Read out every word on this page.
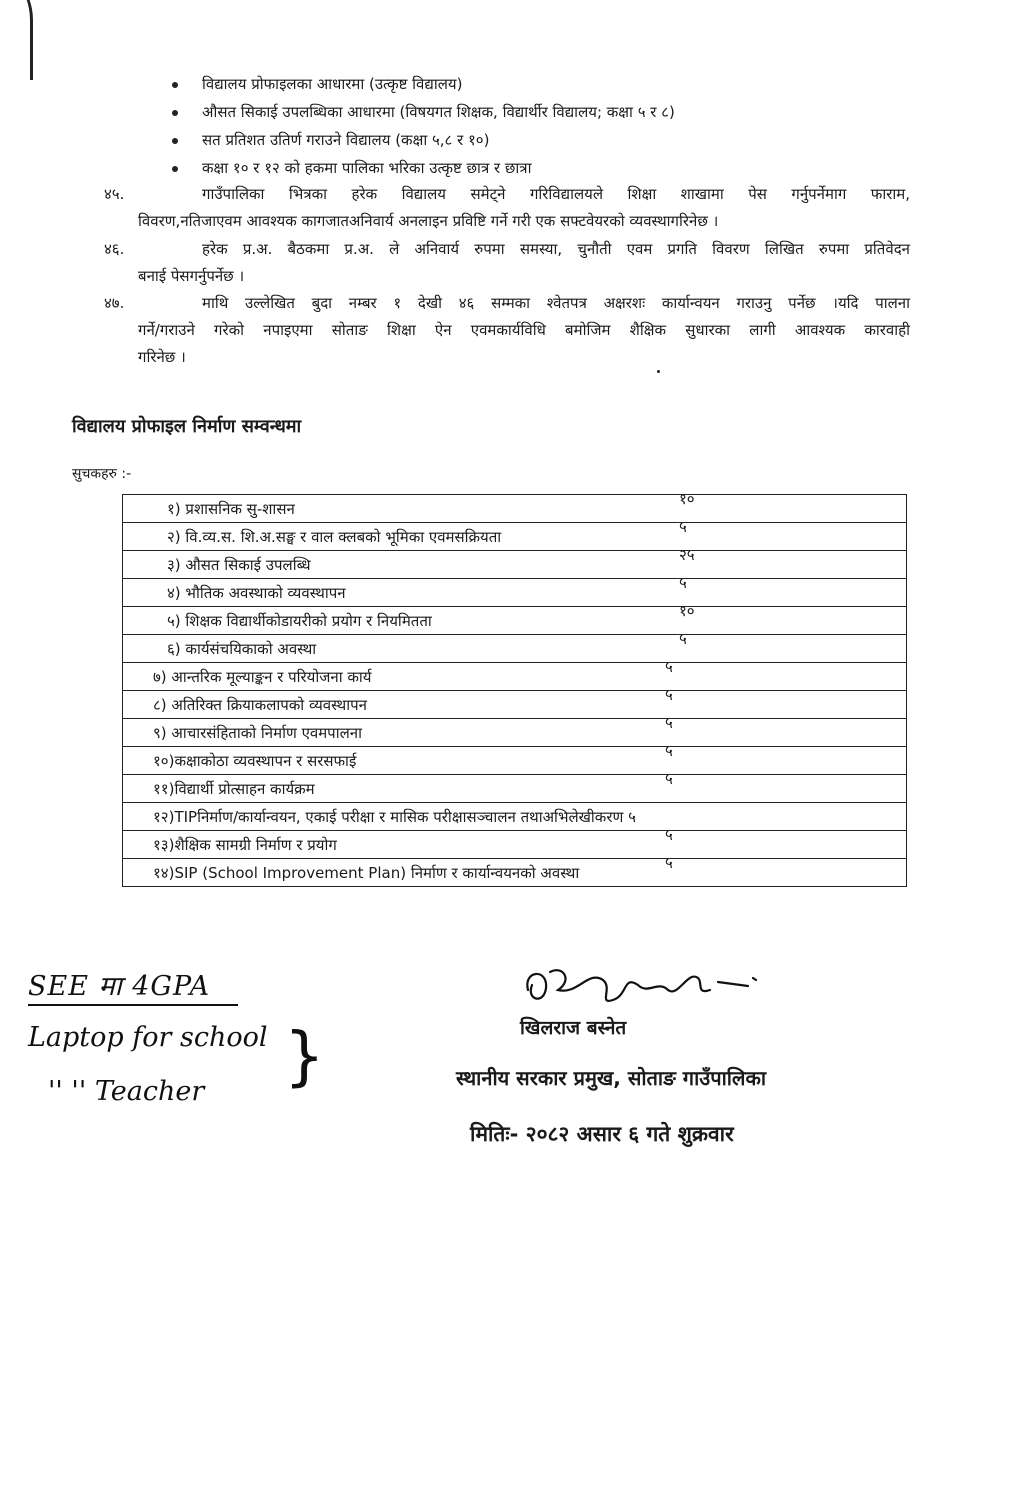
विद्यालय प्रोफाइलका आधारमा (उत्कृष्ट विद्यालय)
औसत सिकाई उपलब्धिका आधारमा (विषयगत शिक्षक, विद्यार्थीर विद्यालय; कक्षा ५ र ८)
सत प्रतिशत उतिर्ण गराउने विद्यालय (कक्षा ५,८ र १०)
कक्षा १० र १२ को हकमा पालिका भरिका उत्कृष्ट छात्र र छात्रा
४५.	गाउँपालिका भित्रका हरेक विद्यालय समेट्ने गरिविद्यालयले शिक्षा शाखामा पेस गर्नुपर्नेमाग फाराम,
विवरण,नतिजाएवम आवश्यक कागजातअनिवार्य अनलाइन प्रविष्टि गर्ने गरी एक सफ्टवेयरको व्यवस्थागरिनेछ ।
४६.	हरेक प्र.अ. बैठकमा प्र.अ. ले अनिवार्य रुपमा समस्या, चुनौती एवम प्रगति विवरण लिखित रुपमा प्रतिवेदन
बनाई पेसगर्नुपर्नेछ ।
४७.	माथि उल्लेखित बुदा नम्बर १ देखी ४६ सम्मका श्वेतपत्र अक्षरशः कार्यान्वयन गराउनु पर्नेछ ।यदि पालना
गर्ने/गराउने गरेको नपाइएमा सोताङ शिक्षा ऐन एवमकार्यविधि बमोजिम शैक्षिक सुधारका लागी आवश्यक कारवाही
गरिनेछ ।
विद्यालय प्रोफाइल निर्माण सम्वन्धमा
सुचकहरु :-
१) प्रशासनिक सु-शासन
१०

२) वि.व्य.स. शि.अ.सङ्घ र वाल क्लबको भूमिका एवमसक्रियता
५

३) औसत सिकाई उपलब्धि
२५

४) भौतिक अवस्थाको व्यवस्थापन
५

५) शिक्षक विद्यार्थीकोडायरीको प्रयोग र नियमितता
१०

६) कार्यसंचयिकाको अवस्था
५

७) आन्तरिक मूल्याङ्कन र परियोजना कार्य
५

८) अतिरिक्त क्रियाकलापको व्यवस्थापन
५

९) आचारसंहिताको निर्माण एवमपालना
५

१०)कक्षाकोठा व्यवस्थापन र सरसफाई
५

११)विद्यार्थी प्रोत्साहन कार्यक्रम
५

१२)TIPनिर्माण/कार्यान्वयन, एकाई परीक्षा र मासिक परीक्षासञ्चालन तथाअभिलेखीकरण ५

१३)शैक्षिक सामग्री निर्माण र प्रयोग
५

१४)SIP (School Improvement Plan) निर्माण र कार्यान्वयनको अवस्था
५
SEE मा 4GPA
Laptop for school
'' '' Teacher }	खिलराज बस्नेत
स्थानीय सरकार प्रमुख, सोताङ गाउँपालिका
मितिः- २०८२ असार ६ गते शुक्रवार
